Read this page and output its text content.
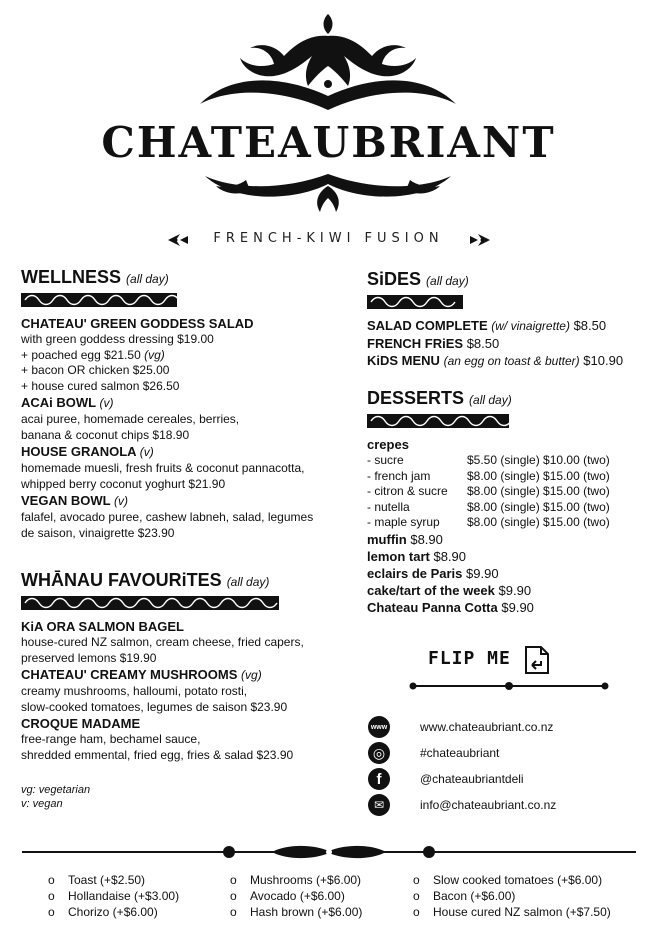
CHATEAUBRIANT
FRENCH-KIWI FUSION
WELLNESS (all day)
CHATEAU' GREEN GODDESS SALAD
with green goddess dressing $19.00
+ poached egg $21.50 (vg)
+ bacon OR chicken $25.00
+ house cured salmon $26.50
ACAi BOWL (v)
acai puree, homemade cereales, berries,
banana & coconut chips $18.90
HOUSE GRANOLA (v)
homemade muesli, fresh fruits & coconut pannacotta,
whipped berry coconut yoghurt $21.90
VEGAN BOWL (v)
falafel, avocado puree, cashew labneh, salad, legumes
de saison, vinaigrette $23.90
WHĀNAU FAVOURiTES (all day)
KiA ORA SALMON BAGEL
house-cured NZ salmon, cream cheese, fried capers,
preserved lemons $19.90
CHATEAU' CREAMY MUSHROOMS (vg)
creamy mushrooms, halloumi, potato rosti,
slow-cooked tomatoes, legumes de saison $23.90
CROQUE MADAME
free-range ham, bechamel sauce,
shredded emmental, fried egg, fries & salad $23.90
vg: vegetarian
v: vegan
SiDES (all day)
SALAD COMPLETE (w/ vinaigrette) $8.50
FRENCH FRiES $8.50
KiDS MENU (an egg on toast & butter) $10.90
DESSERTS (all day)
crepes
- sucre	$5.50 (single) $10.00 (two)
- french jam	$8.00 (single) $15.00 (two)
- citron & sucre	$8.00 (single) $15.00 (two)
- nutella	$8.00 (single) $15.00 (two)
- maple syrup	$8.00 (single) $15.00 (two)
muffin $8.90
lemon tart $8.90
eclairs de Paris $9.90
cake/tart of the week $9.90
Chateau Panna Cotta $9.90
FLIP ME
www	www.chateaubriant.co.nz
◎	#chateaubriant
f	@chateaubriantdeli
✉	info@chateaubriant.co.nz
o	Toast (+$2.50)
o	Hollandaise (+$3.00)
o	Chorizo (+$6.00)
o	Mushrooms (+$6.00)
o	Avocado (+$6.00)
o	Hash brown (+$6.00)
o	Slow cooked tomatoes (+$6.00)
o	Bacon (+$6.00)
o	House cured NZ salmon (+$7.50)
